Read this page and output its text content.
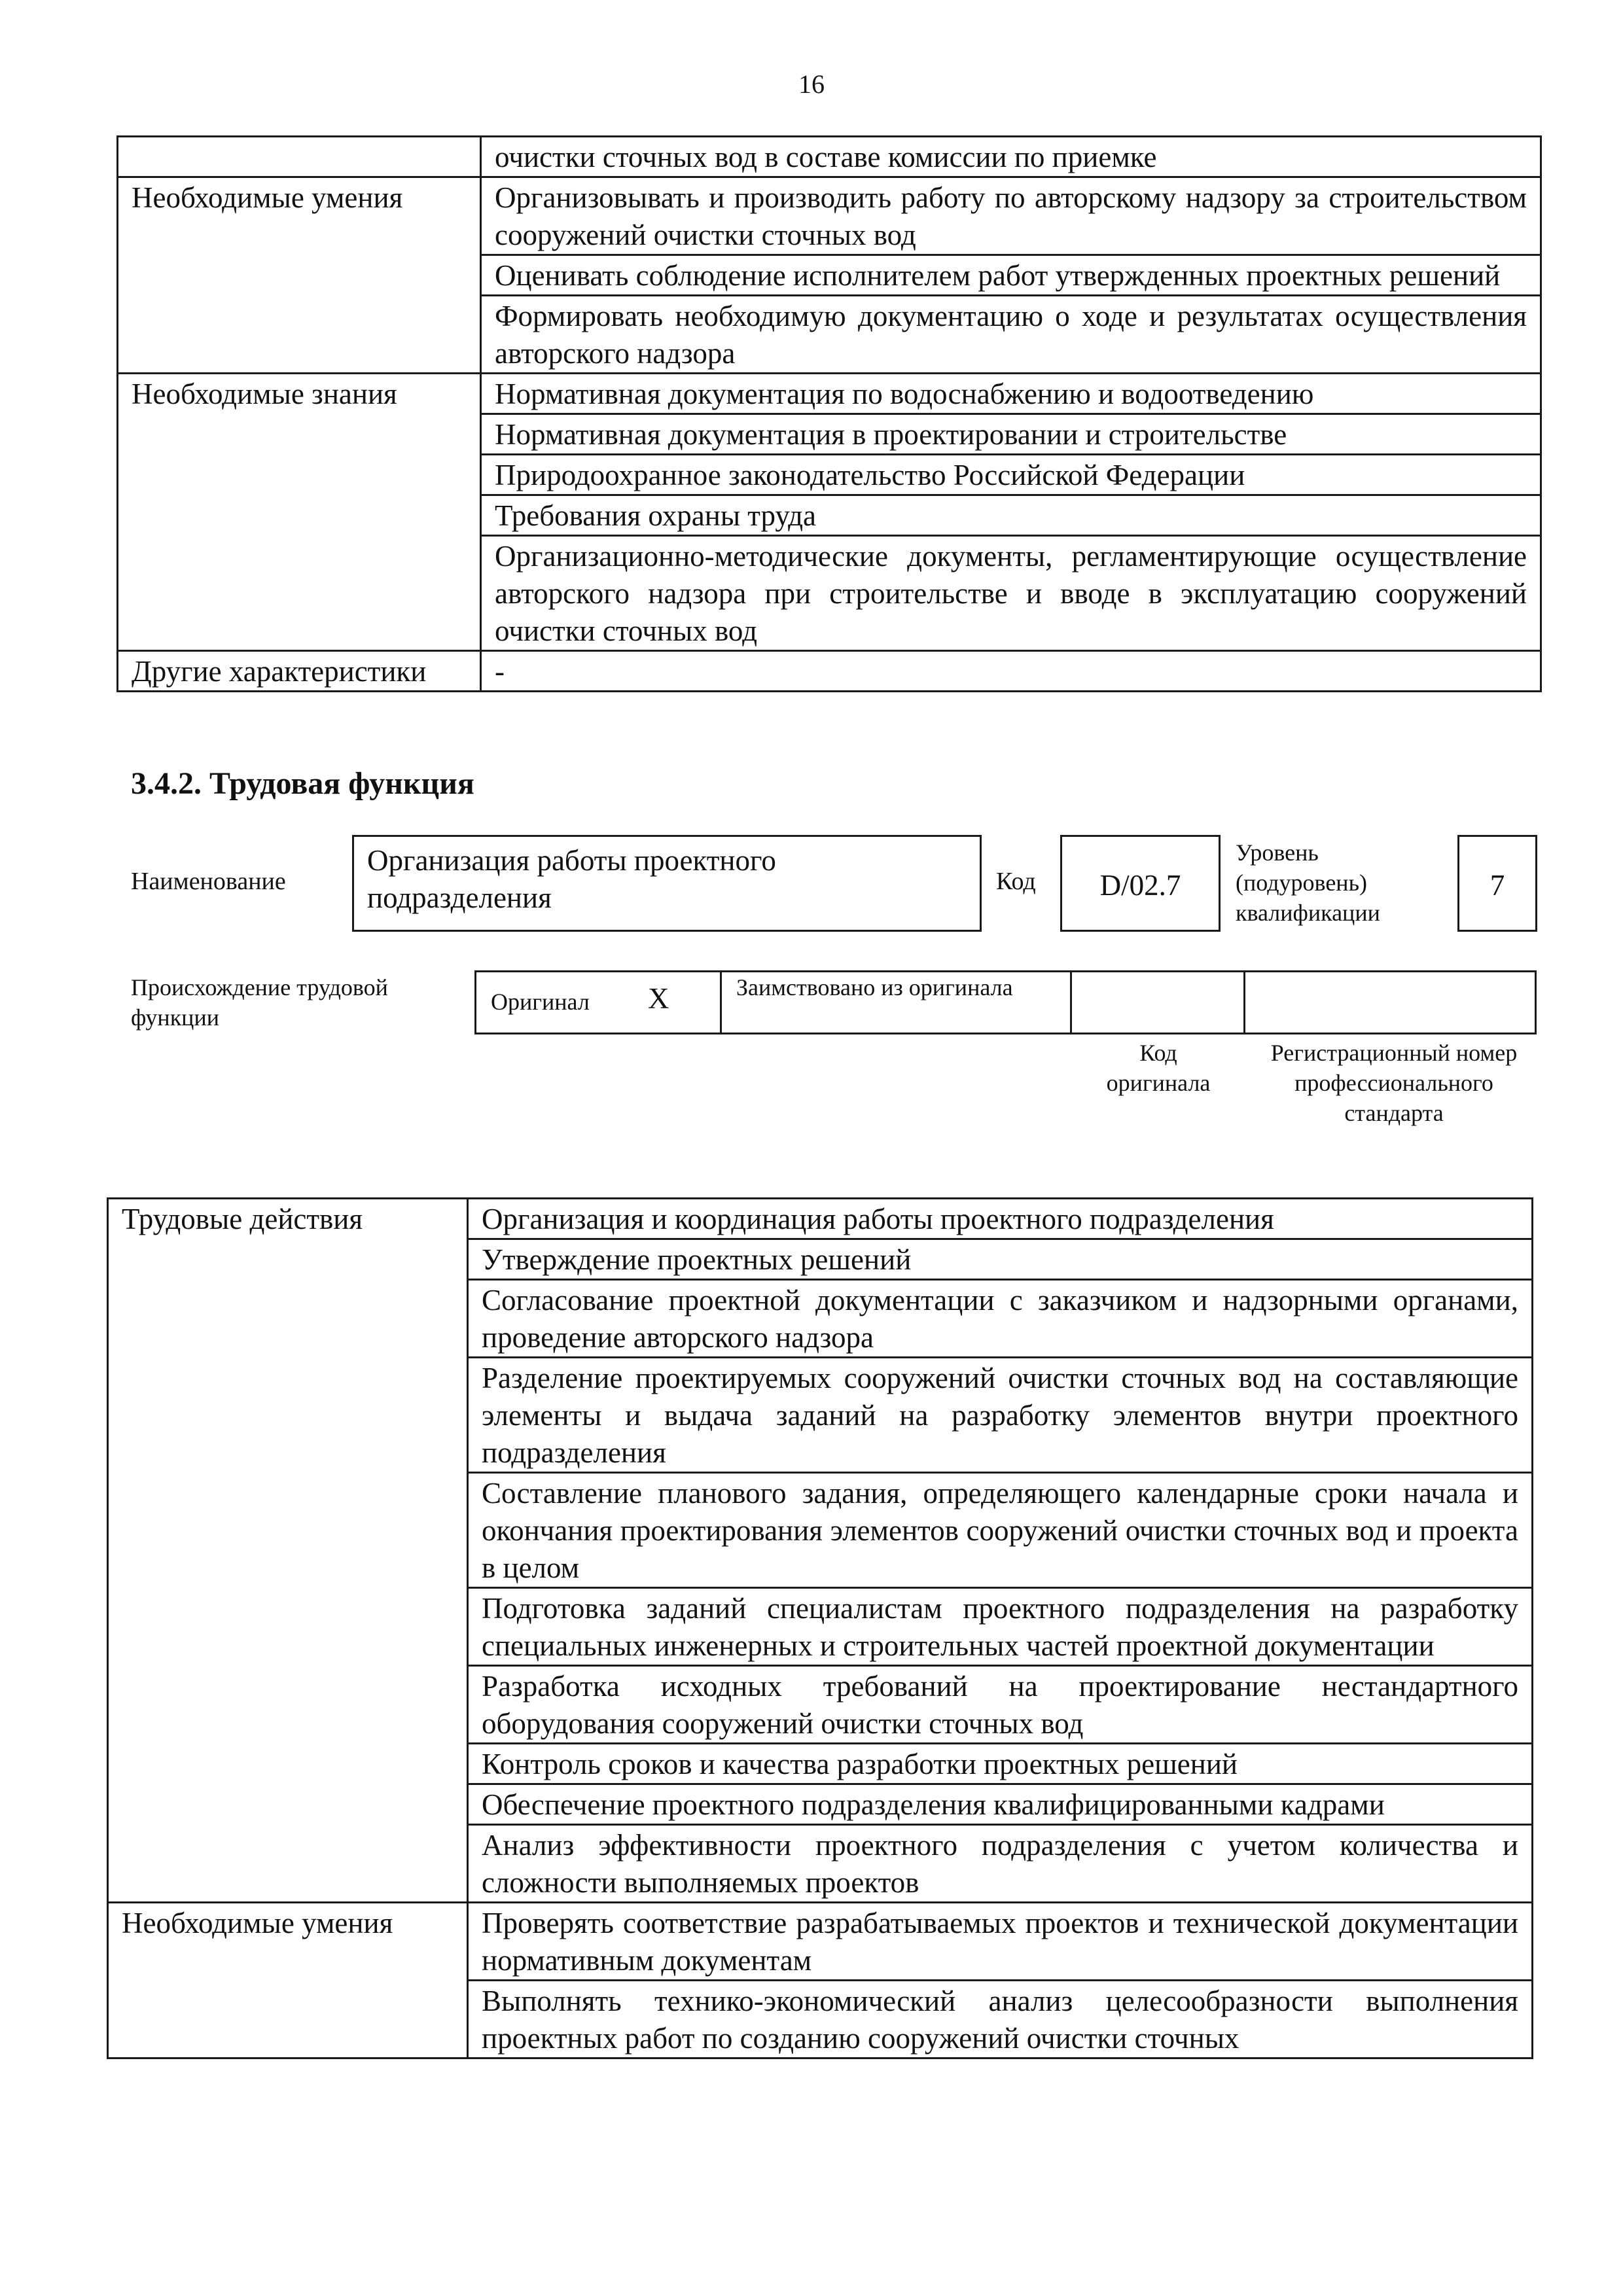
16
	очистки сточных вод в составе комиссии по приемке
Необходимые умения	Организовывать и производить работу по авторскому надзору за строительством сооружений очистки сточных вод
	Оценивать соблюдение исполнителем работ утвержденных проектных решений
	Формировать необходимую документацию о ходе и результатах осуществления авторского надзора
Необходимые знания	Нормативная документация по водоснабжению и водоотведению
	Нормативная документация в проектировании и строительстве
	Природоохранное законодательство Российской Федерации
	Требования охраны труда
	Организационно-методические документы, регламентирующие осуществление авторского надзора при строительстве и вводе в эксплуатацию сооружений очистки сточных вод
Другие характеристики	-
3.4.2. Трудовая функция
Наименование
Организация работы проектного подразделения	Код	D/02.7
Уровень (подуровень) квалификации
7
Происхождение трудовой функции
Оригинал X	Заимствовано из оригинала
Код оригинала
Регистрационный номер профессионального стандарта
Трудовые действия	Организация и координация работы проектного подразделения
	Утверждение проектных решений
	Согласование проектной документации с заказчиком и надзорными органами, проведение авторского надзора
	Разделение проектируемых сооружений очистки сточных вод на составляющие элементы и выдача заданий на разработку элементов внутри проектного подразделения
	Составление планового задания, определяющего календарные сроки начала и окончания проектирования элементов сооружений очистки сточных вод и проекта в целом
	Подготовка заданий специалистам проектного подразделения на разработку специальных инженерных и строительных частей проектной документации
	Разработка исходных требований на проектирование нестандартного оборудования сооружений очистки сточных вод
	Контроль сроков и качества разработки проектных решений
	Обеспечение проектного подразделения квалифицированными кадрами
	Анализ эффективности проектного подразделения с учетом количества и сложности выполняемых проектов
Необходимые умения	Проверять соответствие разрабатываемых проектов и технической документации нормативным документам
	Выполнять технико-экономический анализ целесообразности выполнения проектных работ по созданию сооружений очистки сточных
